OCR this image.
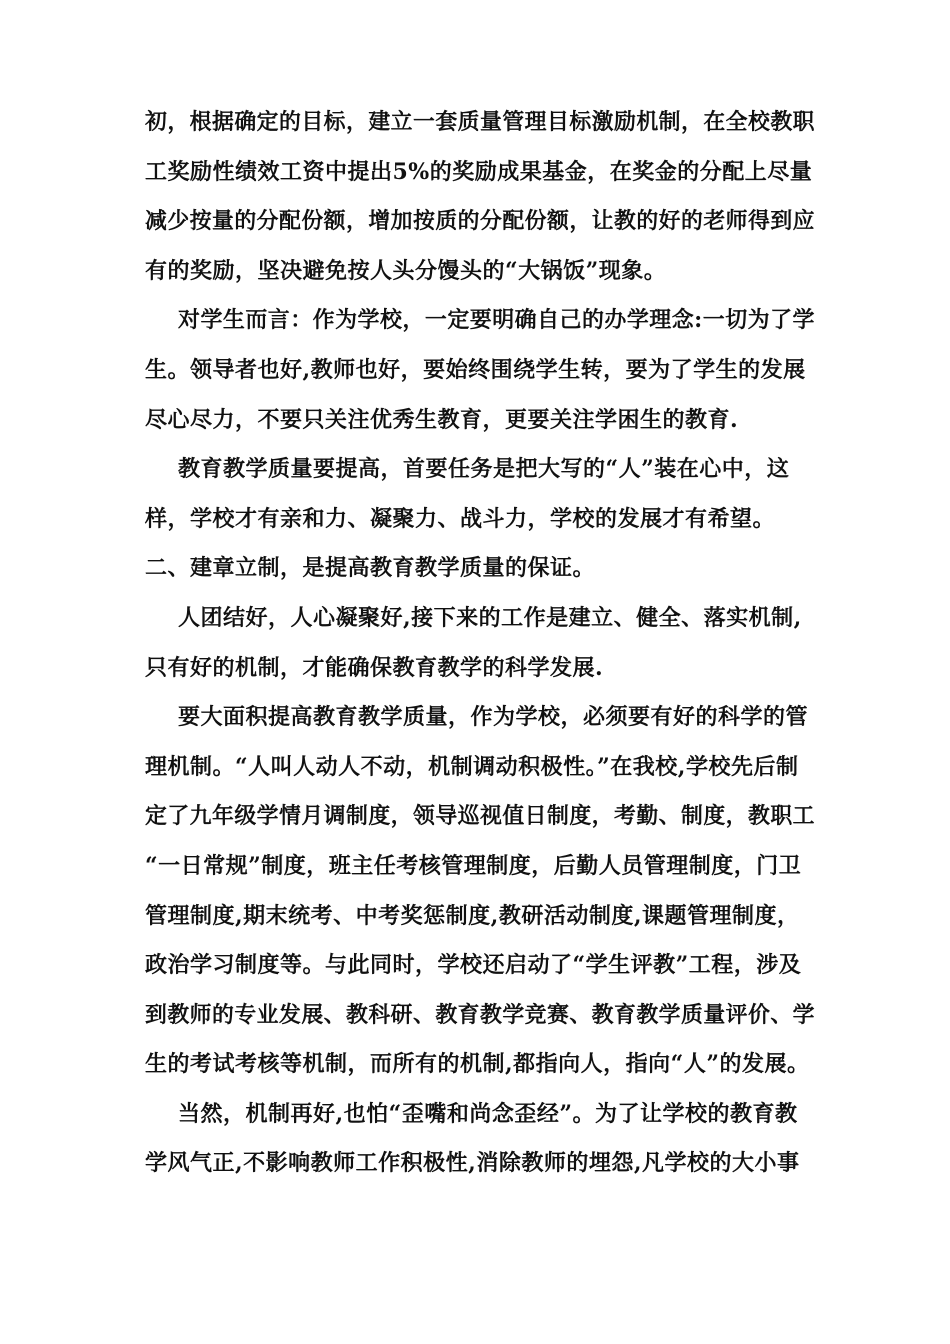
初，根据确定的目标，建立一套质量管理目标激励机制，在全校教职
工奖励性绩效工资中提出5%的奖励成果基金，在奖金的分配上尽量
减少按量的分配份额，增加按质的分配份额，让教的好的老师得到应
有的奖励，坚决避免按人头分馒头的“大锅饭”现象。
对学生而言：作为学校，一定要明确自己的办学理念:一切为了学
生。领导者也好,教师也好，要始终围绕学生转，要为了学生的发展
尽心尽力，不要只关注优秀生教育，更要关注学困生的教育.
教育教学质量要提高，首要任务是把大写的“人”装在心中，这
样，学校才有亲和力、凝聚力、战斗力，学校的发展才有希望。
二、建章立制，是提高教育教学质量的保证。
人团结好，人心凝聚好,接下来的工作是建立、健全、落实机制,
只有好的机制，才能确保教育教学的科学发展.
要大面积提高教育教学质量，作为学校，必须要有好的科学的管
理机制。“人叫人动人不动，机制调动积极性。”在我校,学校先后制
定了九年级学情月调制度，领导巡视值日制度，考勤、制度，教职工
“一日常规”制度，班主任考核管理制度，后勤人员管理制度，门卫
管理制度,期末统考、中考奖惩制度,教研活动制度,课题管理制度，
政治学习制度等。与此同时，学校还启动了“学生评教”工程，涉及
到教师的专业发展、教科研、教育教学竞赛、教育教学质量评价、学
生的考试考核等机制，而所有的机制,都指向人，指向“人”的发展。
当然，机制再好,也怕“歪嘴和尚念歪经”。为了让学校的教育教
学风气正,不影响教师工作积极性,消除教师的埋怨,凡学校的大小事
